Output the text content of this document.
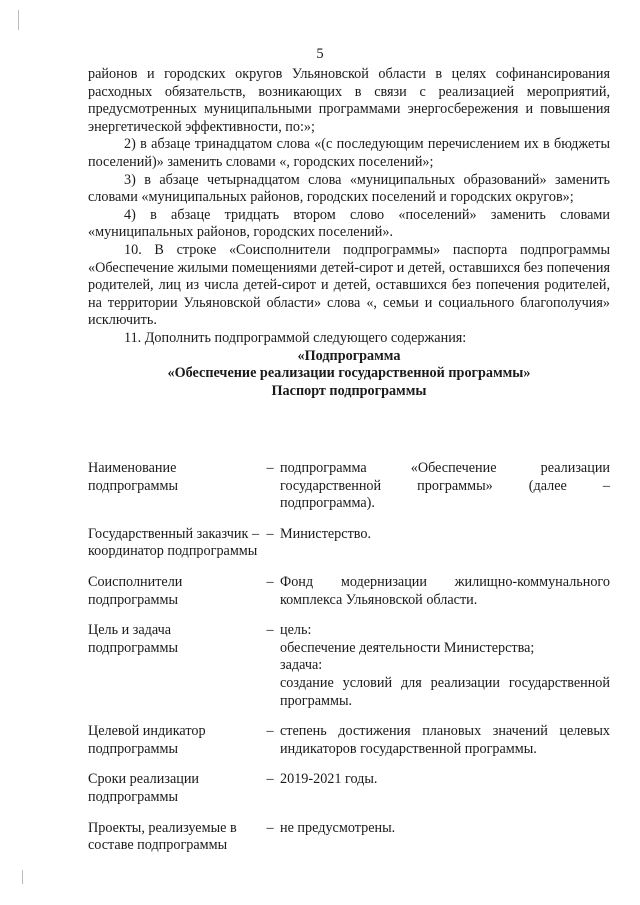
5

районов и городских округов Ульяновской области в целях софинансирования расходных обязательств, возникающих в связи с реализацией мероприятий, предусмотренных муниципальными программами энергосбережения и повышения энергетической эффективности, по:»;

2) в абзаце тринадцатом слова «(с последующим перечислением их в бюджеты поселений)» заменить словами «, городских поселений»;

3) в абзаце четырнадцатом слова «муниципальных образований» заменить словами «муниципальных районов, городских поселений и городских округов»;

4) в абзаце тридцать втором слово «поселений» заменить словами «муниципальных районов, городских поселений».

10. В строке «Соисполнители подпрограммы» паспорта подпрограммы «Обеспечение жилыми помещениями детей-сирот и детей, оставшихся без попечения родителей, лиц из числа детей-сирот и детей, оставшихся без попечения родителей, на территории Ульяновской области» слова «, семьи и социального благополучия» исключить.

11. Дополнить подпрограммой следующего содержания:

«Подпрограмма

«Обеспечение реализации государственной программы»

Паспорт подпрограммы

Наименование подпрограммы	–	подпрограмма «Обеспечение реализации государственной программы» (далее – подпрограмма).

Государственный заказчик – координатор подпрограммы	–	Министерство.

Соисполнители подпрограммы	–	Фонд модернизации жилищно-коммунального комплекса Ульяновской области.

Цель и задача подпрограммы	–	цель:
обеспечение деятельности Министерства;
задача:
создание условий для реализации государственной программы.

Целевой индикатор подпрограммы	–	степень достижения плановых значений целевых индикаторов государственной программы.

Сроки реализации подпрограммы	–	2019-2021 годы.

Проекты, реализуемые в составе подпрограммы	–	не предусмотрены.
